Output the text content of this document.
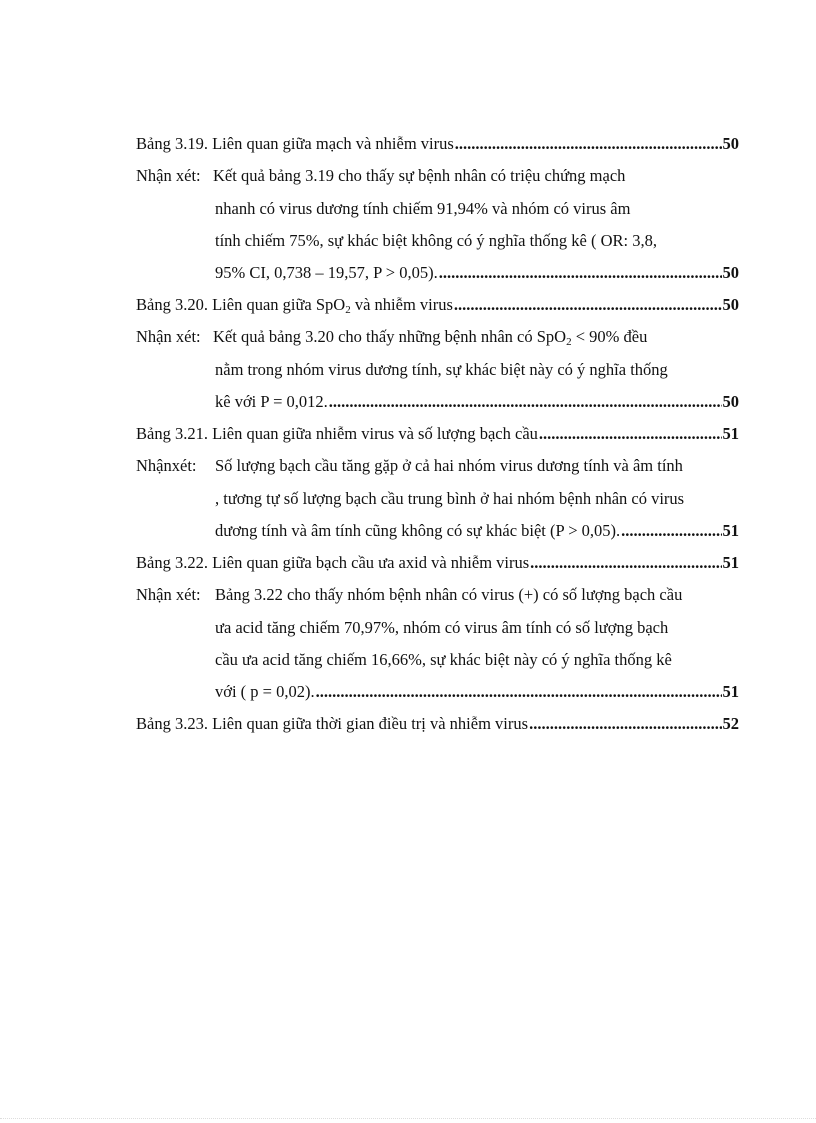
Bảng 3.19. Liên quan giữa mạch và nhiễm virus .....	50
Nhận xét: Kết quả bảng 3.19 cho thấy sự bệnh nhân có triệu chứng mạch
nhanh có virus dương tính chiếm 91,94% và nhóm có virus âm
tính chiếm 75%, sự khác biệt không có ý nghĩa thống kê ( OR: 3,8,
95% CI, 0,738 – 19,57, P > 0,05). .....	50
Bảng 3.20. Liên quan giữa SpO$_2$ và nhiễm virus .....	50
Nhận xét: Kết quả bảng 3.20 cho thấy những bệnh nhân có SpO$_2$ < 90% đều
nằm trong nhóm virus dương tính, sự khác biệt này có ý nghĩa thống
kê với P = 0,012. .....	50
Bảng 3.21. Liên quan giữa nhiễm virus và số lượng bạch cầu .....	51
Nhậnxét: Số lượng bạch cầu tăng gặp ở cả hai nhóm virus dương tính và âm tính
, tương tự số lượng bạch cầu trung bình ở hai nhóm bệnh nhân có virus
dương tính và âm tính cũng không có sự khác biệt (P > 0,05). .....	51
Bảng 3.22. Liên quan giữa bạch cầu ưa axid và nhiễm virus .....	51
Nhận xét: Bảng 3.22 cho thấy nhóm bệnh nhân có virus (+) có số lượng bạch cầu
ưa acid tăng chiếm 70,97%, nhóm có virus âm tính có số lượng bạch
cầu ưa acid tăng chiếm 16,66%, sự khác biệt này có ý nghĩa thống kê
với ( p = 0,02). .....	51
Bảng 3.23. Liên quan giữa thời gian điều trị và nhiễm virus .....	52
